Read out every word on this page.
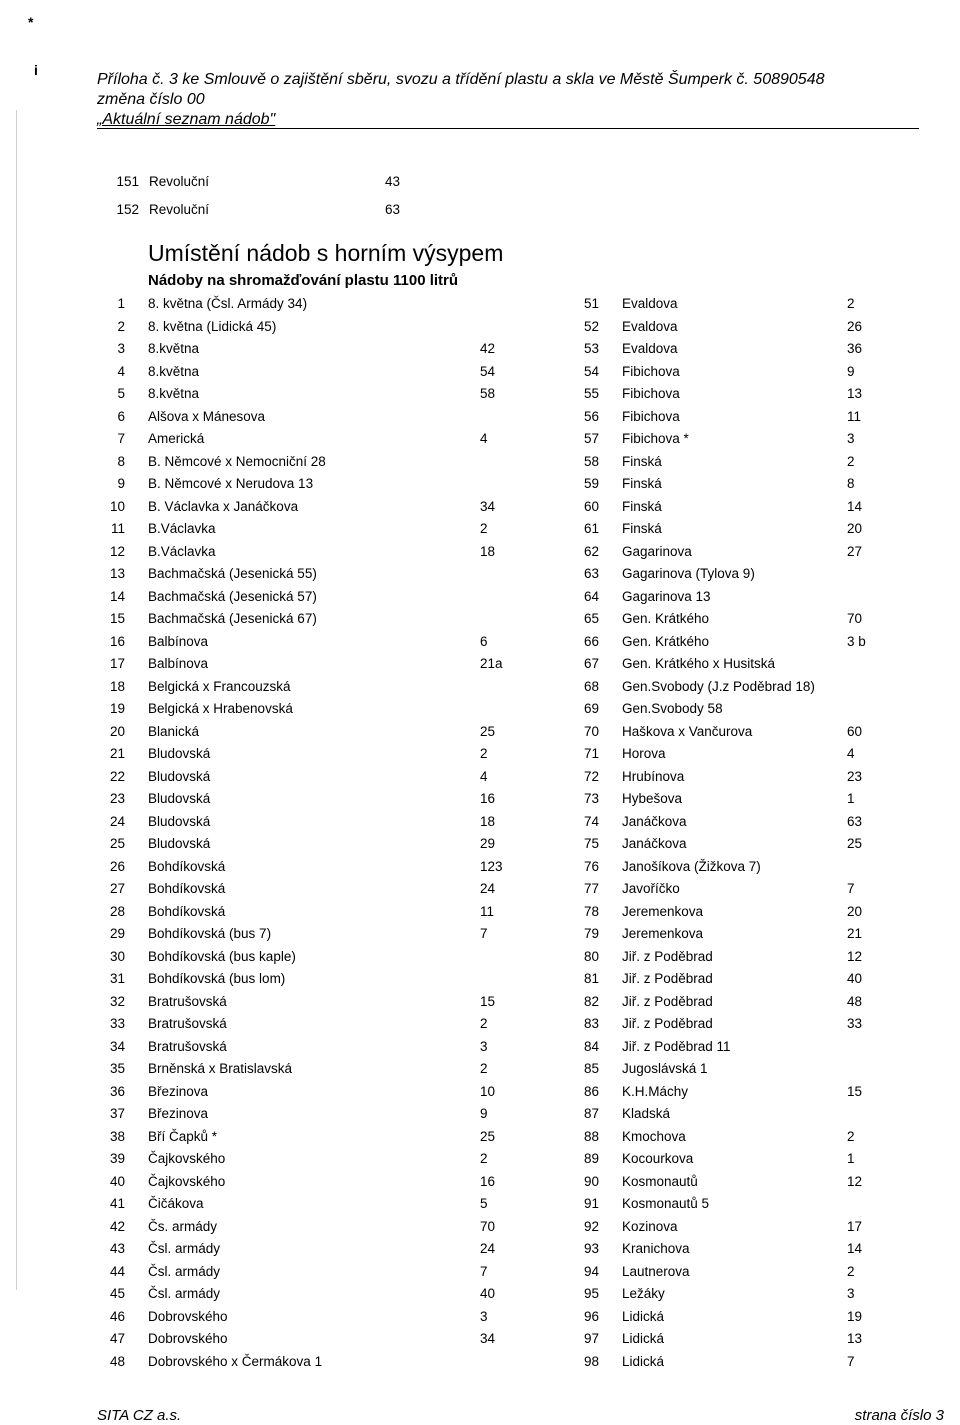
*
i
Příloha č. 3 ke Smlouvě o zajištění sběru, svozu a třídění plastu a skla ve Městě Šumperk č. 50890548
změna číslo 00
„Aktuální seznam nádob"
151 Revoluční	43
152 Revoluční	63
Umístění nádob s horním výsypem
Nádoby na shromažďování plastu 1100 litrů
1 8. května (Čsl. Armády 34)	51 Evaldova	2
2 8. května (Lidická 45)	52 Evaldova	26
3 8.května	42	53 Evaldova	36
4 8.května	54	54 Fibichova	9
5 8.května	58	55 Fibichova	13
6 Alšova x Mánesova	56 Fibichova	11
7 Americká	4	57 Fibichova *	3
8 B. Němcové x Nemocniční 28	58 Finská	2
9 B. Němcové x Nerudova 13	59 Finská	8
10 B. Václavka x Janáčkova	34	60 Finská	14
11 B.Václavka	2	61 Finská	20
12 B.Václavka	18	62 Gagarinova	27
13 Bachmačská (Jesenická 55)	63 Gagarinova (Tylova 9)
14 Bachmačská (Jesenická 57)	64 Gagarinova 13
15 Bachmačská (Jesenická 67)	65 Gen. Krátkého	70
16 Balbínova	6	66 Gen. Krátkého	3 b
17 Balbínova	21a	67 Gen. Krátkého x Husitská
18 Belgická x Francouzská	68 Gen.Svobody (J.z Poděbrad 18)
19 Belgická x Hrabenovská	69 Gen.Svobody 58
20 Blanická	25	70 Haškova x Vančurova	60
21 Bludovská	2	71 Horova	4
22 Bludovská	4	72 Hrubínova	23
23 Bludovská	16	73 Hybešova	1
24 Bludovská	18	74 Janáčkova	63
25 Bludovská	29	75 Janáčkova	25
26 Bohdíkovská	123	76 Janošíkova (Žižkova 7)
27 Bohdíkovská	24	77 Javoříčko	7
28 Bohdíkovská	11	78 Jeremenkova	20
29 Bohdíkovská (bus 7)	7	79 Jeremenkova	21
30 Bohdíkovská (bus kaple)	80 Jiř. z Poděbrad	12
31 Bohdíkovská (bus lom)	81 Jiř. z Poděbrad	40
32 Bratrušovská	15	82 Jiř. z Poděbrad	48
33 Bratrušovská	2	83 Jiř. z Poděbrad	33
34 Bratrušovská	3	84 Jiř. z Poděbrad 11
35 Brněnská x Bratislavská	2	85 Jugoslávská 1
36 Březinova	10	86 K.H.Máchy	15
37 Březinova	9	87 Kladská
38 Bří Čapků *	25	88 Kmochova	2
39 Čajkovského	2	89 Kocourkova	1
40 Čajkovského	16	90 Kosmonautů	12
41 Čičákova	5	91 Kosmonautů 5
42 Čs. armády	70	92 Kozinova	17
43 Čsl. armády	24	93 Kranichova	14
44 Čsl. armády	7	94 Lautnerova	2
45 Čsl. armády	40	95 Ležáky	3
46 Dobrovského	3	96 Lidická	19
47 Dobrovského	34	97 Lidická	13
48 Dobrovského x Čermákova 1	98 Lidická	7
SITA CZ a.s.	strana číslo 3
